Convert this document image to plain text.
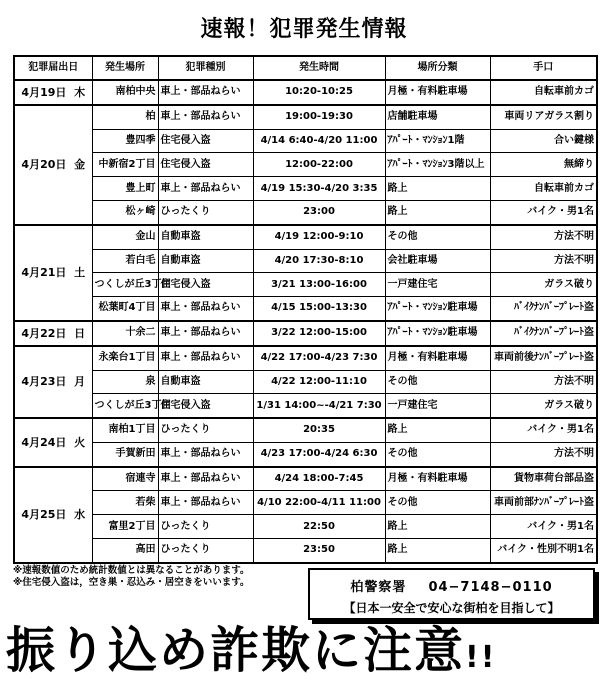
速報！犯罪発生情報
犯罪届出日	発生場所	犯罪種別	発生時間	場所分類	手口
4月19日 木	南柏中央	車上・部品ねらい	10:20-10:25	月極・有料駐車場	自転車前カゴ
4月20日 金	柏	車上・部品ねらい	19:00-19:30	店舗駐車場	車両リアガラス割り
	豊四季	住宅侵入盗	4/14 6:40-4/20 11:00	ｱﾊﾟｰﾄ・ﾏﾝｼｮﾝ1階	合い鍵様
	中新宿2丁目	住宅侵入盗	12:00-22:00	ｱﾊﾟｰﾄ・ﾏﾝｼｮﾝ3階以上	無締り
	豊上町	車上・部品ねらい	4/19 15:30-4/20 3:35	路上	自転車前カゴ
	松ヶ崎	ひったくり	23:00	路上	バイク・男1名
4月21日 土	金山	自動車盗	4/19 12:00-9:10	その他	方法不明
	若白毛	自動車盗	4/20 17:30-8:10	会社駐車場	方法不明
	つくしが丘3丁目	住宅侵入盗	3/21 13:00-16:00	一戸建住宅	ガラス破り
	松葉町4丁目	車上・部品ねらい	4/15 15:00-13:30	ｱﾊﾟｰﾄ・ﾏﾝｼｮﾝ駐車場	ﾊﾞｲｸﾅﾝﾊﾞｰﾌﾟﾚｰﾄ盗
4月22日 日	十余二	車上・部品ねらい	3/22 12:00-15:00	ｱﾊﾟｰﾄ・ﾏﾝｼｮﾝ駐車場	ﾊﾞｲｸﾅﾝﾊﾞｰﾌﾟﾚｰﾄ盗
4月23日 月	永楽台1丁目	車上・部品ねらい	4/22 17:00-4/23 7:30	月極・有料駐車場	車両前後ﾅﾝﾊﾞｰﾌﾟﾚｰﾄ盗
	泉	自動車盗	4/22 12:00-11:10	その他	方法不明
	つくしが丘3丁目	住宅侵入盗	1/31 14:00~-4/21 7:30	一戸建住宅	ガラス破り
4月24日 火	南柏1丁目	ひったくり	20:35	路上	バイク・男1名
	手賀新田	車上・部品ねらい	4/23 17:00-4/24 6:30	その他	方法不明
4月25日 水	宿連寺	車上・部品ねらい	4/24 18:00-7:45	月極・有料駐車場	貨物車荷台部品盗
	若柴	車上・部品ねらい	4/10 22:00-4/11 11:00	その他	車両前部ﾅﾝﾊﾞｰﾌﾟﾚｰﾄ盗
	富里2丁目	ひったくり	22:50	路上	バイク・男1名
	高田	ひったくり	23:50	路上	バイク・性別不明1名
※速報数値のため統計数値とは異なることがあります。
※住宅侵入盗は，空き巣・忍込み・居空きをいいます。	柏警察署 04−7148−0110
【日本一安全で安心な街柏を目指して】
振り込め詐欺に注意!!
